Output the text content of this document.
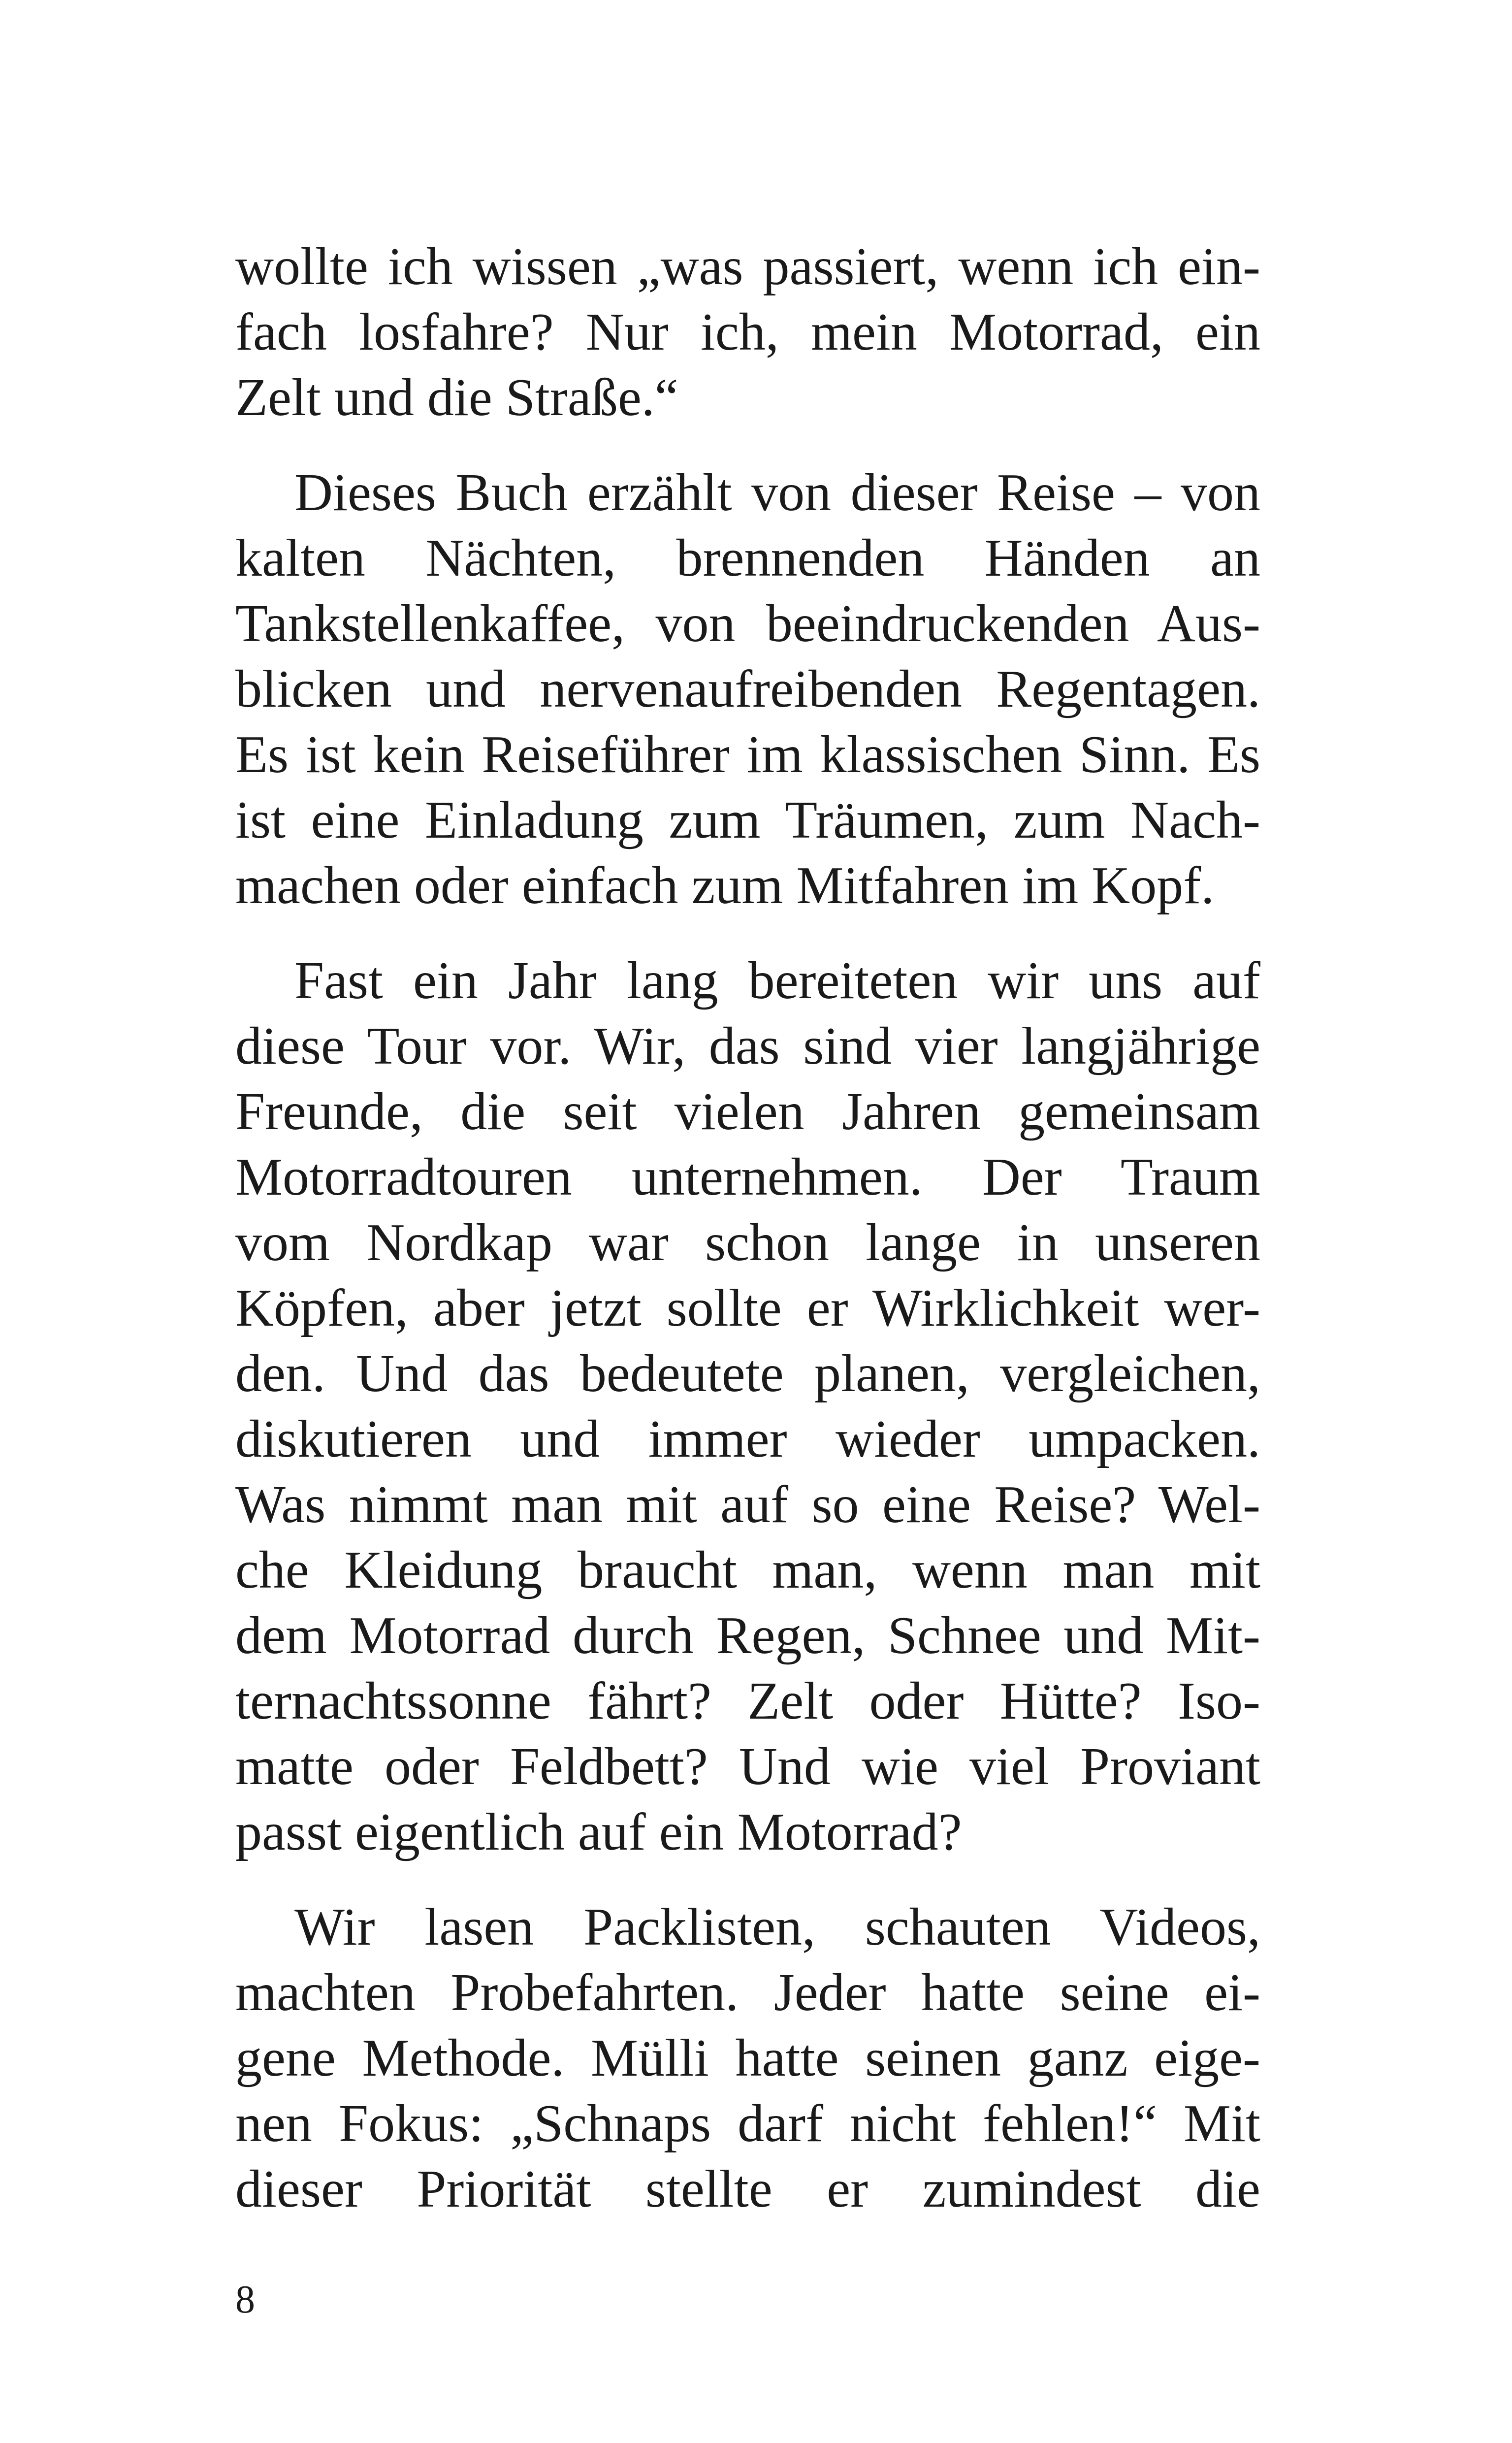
wollte ich wissen „was passiert, wenn ich ein-
fach losfahre? Nur ich, mein Motorrad, ein
Zelt und die Straße.“
Dieses Buch erzählt von dieser Reise – von
kalten Nächten, brennenden Händen an
Tankstellenkaffee, von beeindruckenden Aus-
blicken und nervenaufreibenden Regentagen.
Es ist kein Reiseführer im klassischen Sinn. Es
ist eine Einladung zum Träumen, zum Nach-
machen oder einfach zum Mitfahren im Kopf.
Fast ein Jahr lang bereiteten wir uns auf
diese Tour vor. Wir, das sind vier langjährige
Freunde, die seit vielen Jahren gemeinsam
Motorradtouren unternehmen. Der Traum
vom Nordkap war schon lange in unseren
Köpfen, aber jetzt sollte er Wirklichkeit wer-
den. Und das bedeutete planen, vergleichen,
diskutieren und immer wieder umpacken.
Was nimmt man mit auf so eine Reise? Wel-
che Kleidung braucht man, wenn man mit
dem Motorrad durch Regen, Schnee und Mit-
ternachtssonne fährt? Zelt oder Hütte? Iso-
matte oder Feldbett? Und wie viel Proviant
passt eigentlich auf ein Motorrad?
Wir lasen Packlisten, schauten Videos,
machten Probefahrten. Jeder hatte seine ei-
gene Methode. Mülli hatte seinen ganz eige-
nen Fokus: „Schnaps darf nicht fehlen!“ Mit
dieser Priorität stellte er zumindest die
8
